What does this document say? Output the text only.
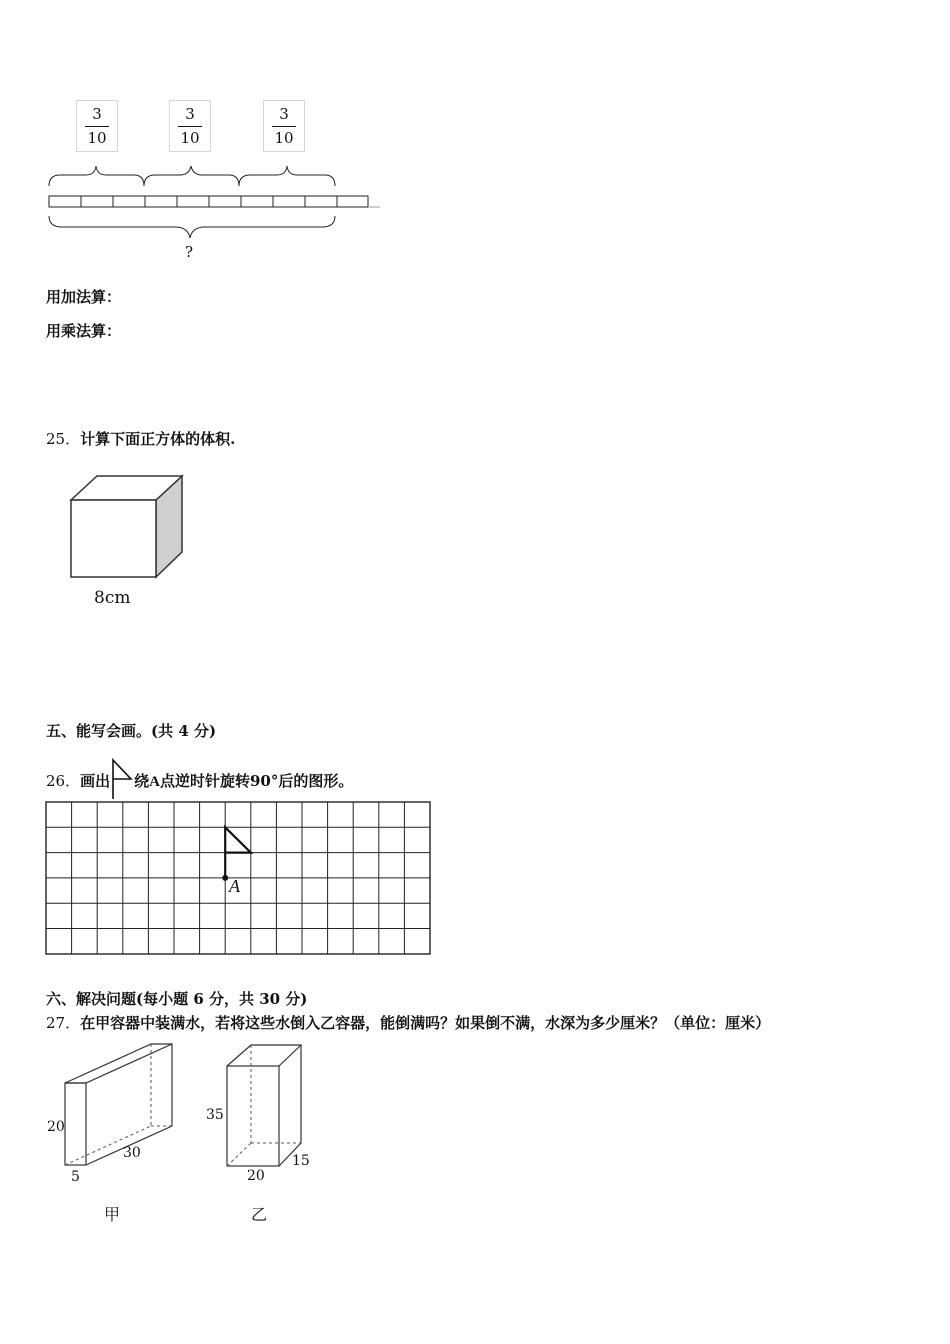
3
10
3
10
3
10
?
用加法算：
用乘法算：
25．计算下面正方体的体积.
8cm
五、能写会画。(共 4 分)
26．画出 绕A点逆时针旋转90°后的图形。
A
六、解决问题(每小题 6 分，共 30 分)
27．在甲容器中装满水，若将这些水倒入乙容器，能倒满吗？如果倒不满，水深为多少厘米？（单位：厘米）
20
5
30
甲
35
20
15
乙
